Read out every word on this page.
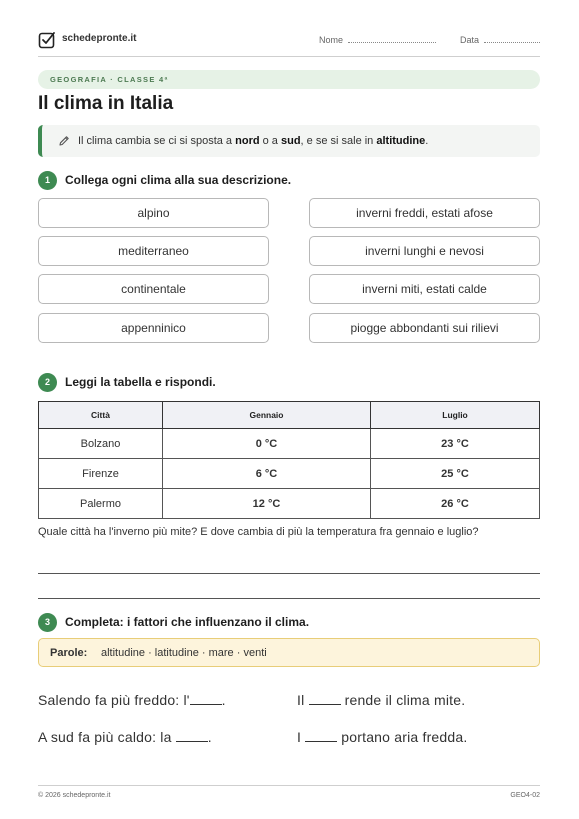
schedepronte.it	Nome	Data
GEOGRAFIA · CLASSE 4ª
Il clima in Italia
Il clima cambia se ci si sposta a nord o a sud, e se si sale in altitudine.
1	Collega ogni clima alla sua descrizione.
alpino
mediterraneo
continentale
appenninico
inverni freddi, estati afose
inverni lunghi e nevosi
inverni miti, estati calde
piogge abbondanti sui rilievi
2	Leggi la tabella e rispondi.
Città	Gennaio	Luglio
Bolzano	0 °C	23 °C
Firenze	6 °C	25 °C
Palermo	12 °C	26 °C
Quale città ha l'inverno più mite? E dove cambia di più la temperatura fra gennaio e luglio?
3	Completa: i fattori che influenzano il clima.
Parole: altitudine · latitudine · mare · venti
Salendo fa più freddo: l' .	Il  rende il clima mite.
A sud fa più caldo: la .	I  portano aria fredda.
© 2026 schedepronte.it	GEO4-02
